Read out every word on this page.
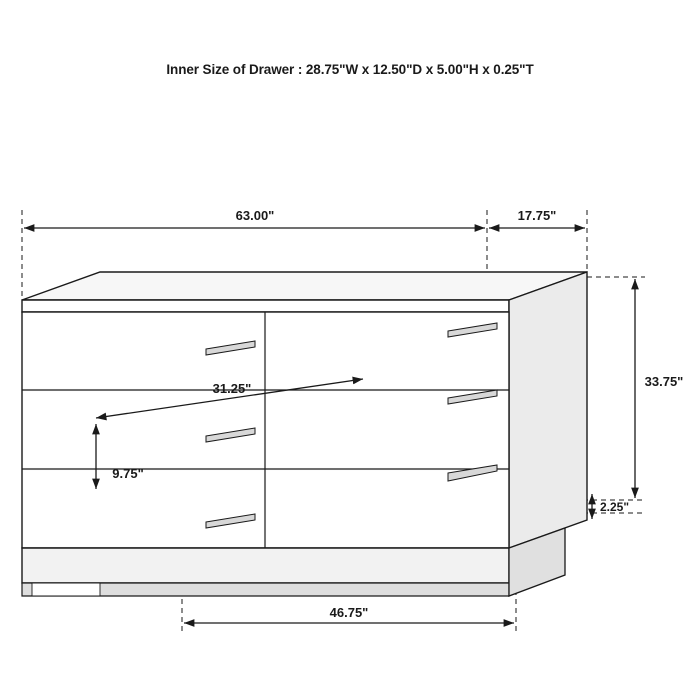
Inner Size of Drawer : 28.75"W x 12.50"D x 5.00"H x 0.25"T
63.00"	17.75"
33.75"
2.25"
31.25"
9.75"
46.75"
